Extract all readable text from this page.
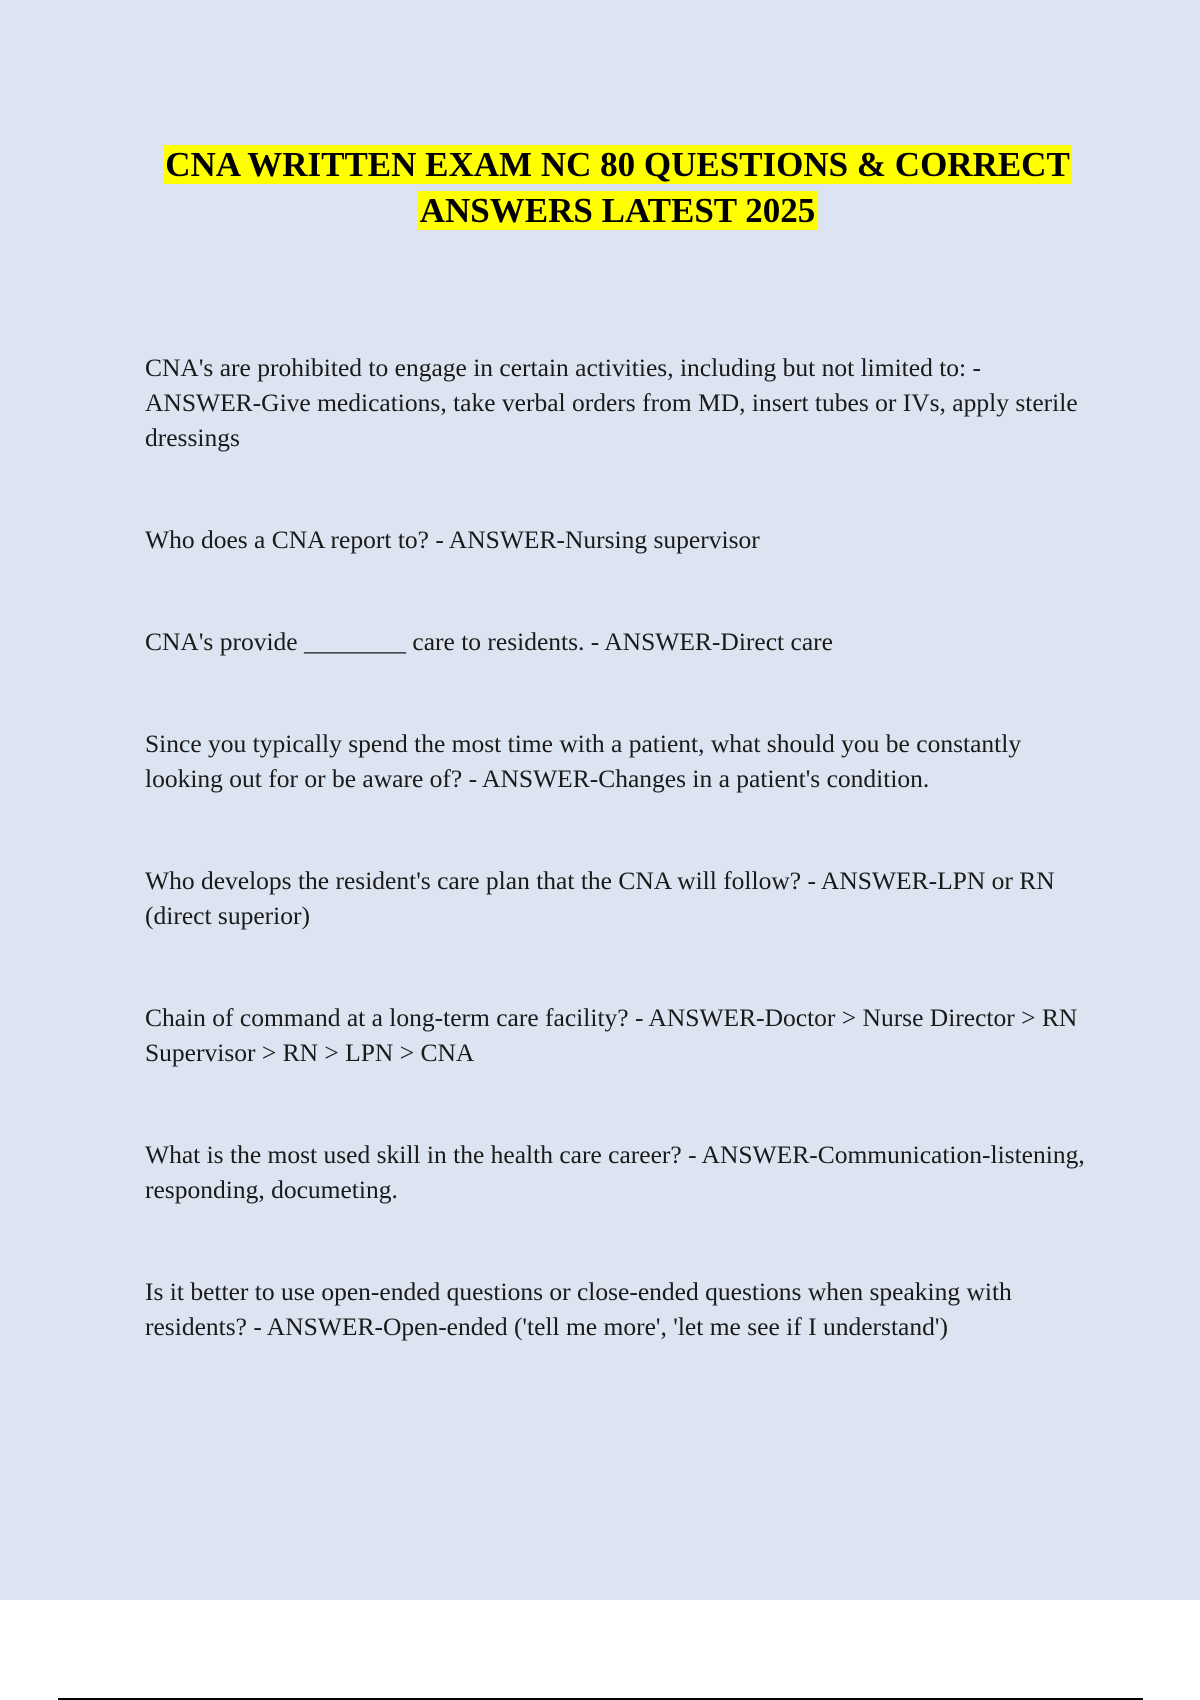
CNA WRITTEN EXAM NC 80 QUESTIONS & CORRECT ANSWERS LATEST 2025
CNA's are prohibited to engage in certain activities, including but not limited to: - ANSWER-Give medications, take verbal orders from MD, insert tubes or IVs, apply sterile dressings
Who does a CNA report to? - ANSWER-Nursing supervisor
CNA's provide ________ care to residents. - ANSWER-Direct care
Since you typically spend the most time with a patient, what should you be constantly looking out for or be aware of? - ANSWER-Changes in a patient's condition.
Who develops the resident's care plan that the CNA will follow? - ANSWER-LPN or RN (direct superior)
Chain of command at a long-term care facility? - ANSWER-Doctor > Nurse Director > RN Supervisor > RN > LPN > CNA
What is the most used skill in the health care career? - ANSWER-Communication-listening, responding, documeting.
Is it better to use open-ended questions or close-ended questions when speaking with residents? - ANSWER-Open-ended ('tell me more', 'let me see if I understand')
